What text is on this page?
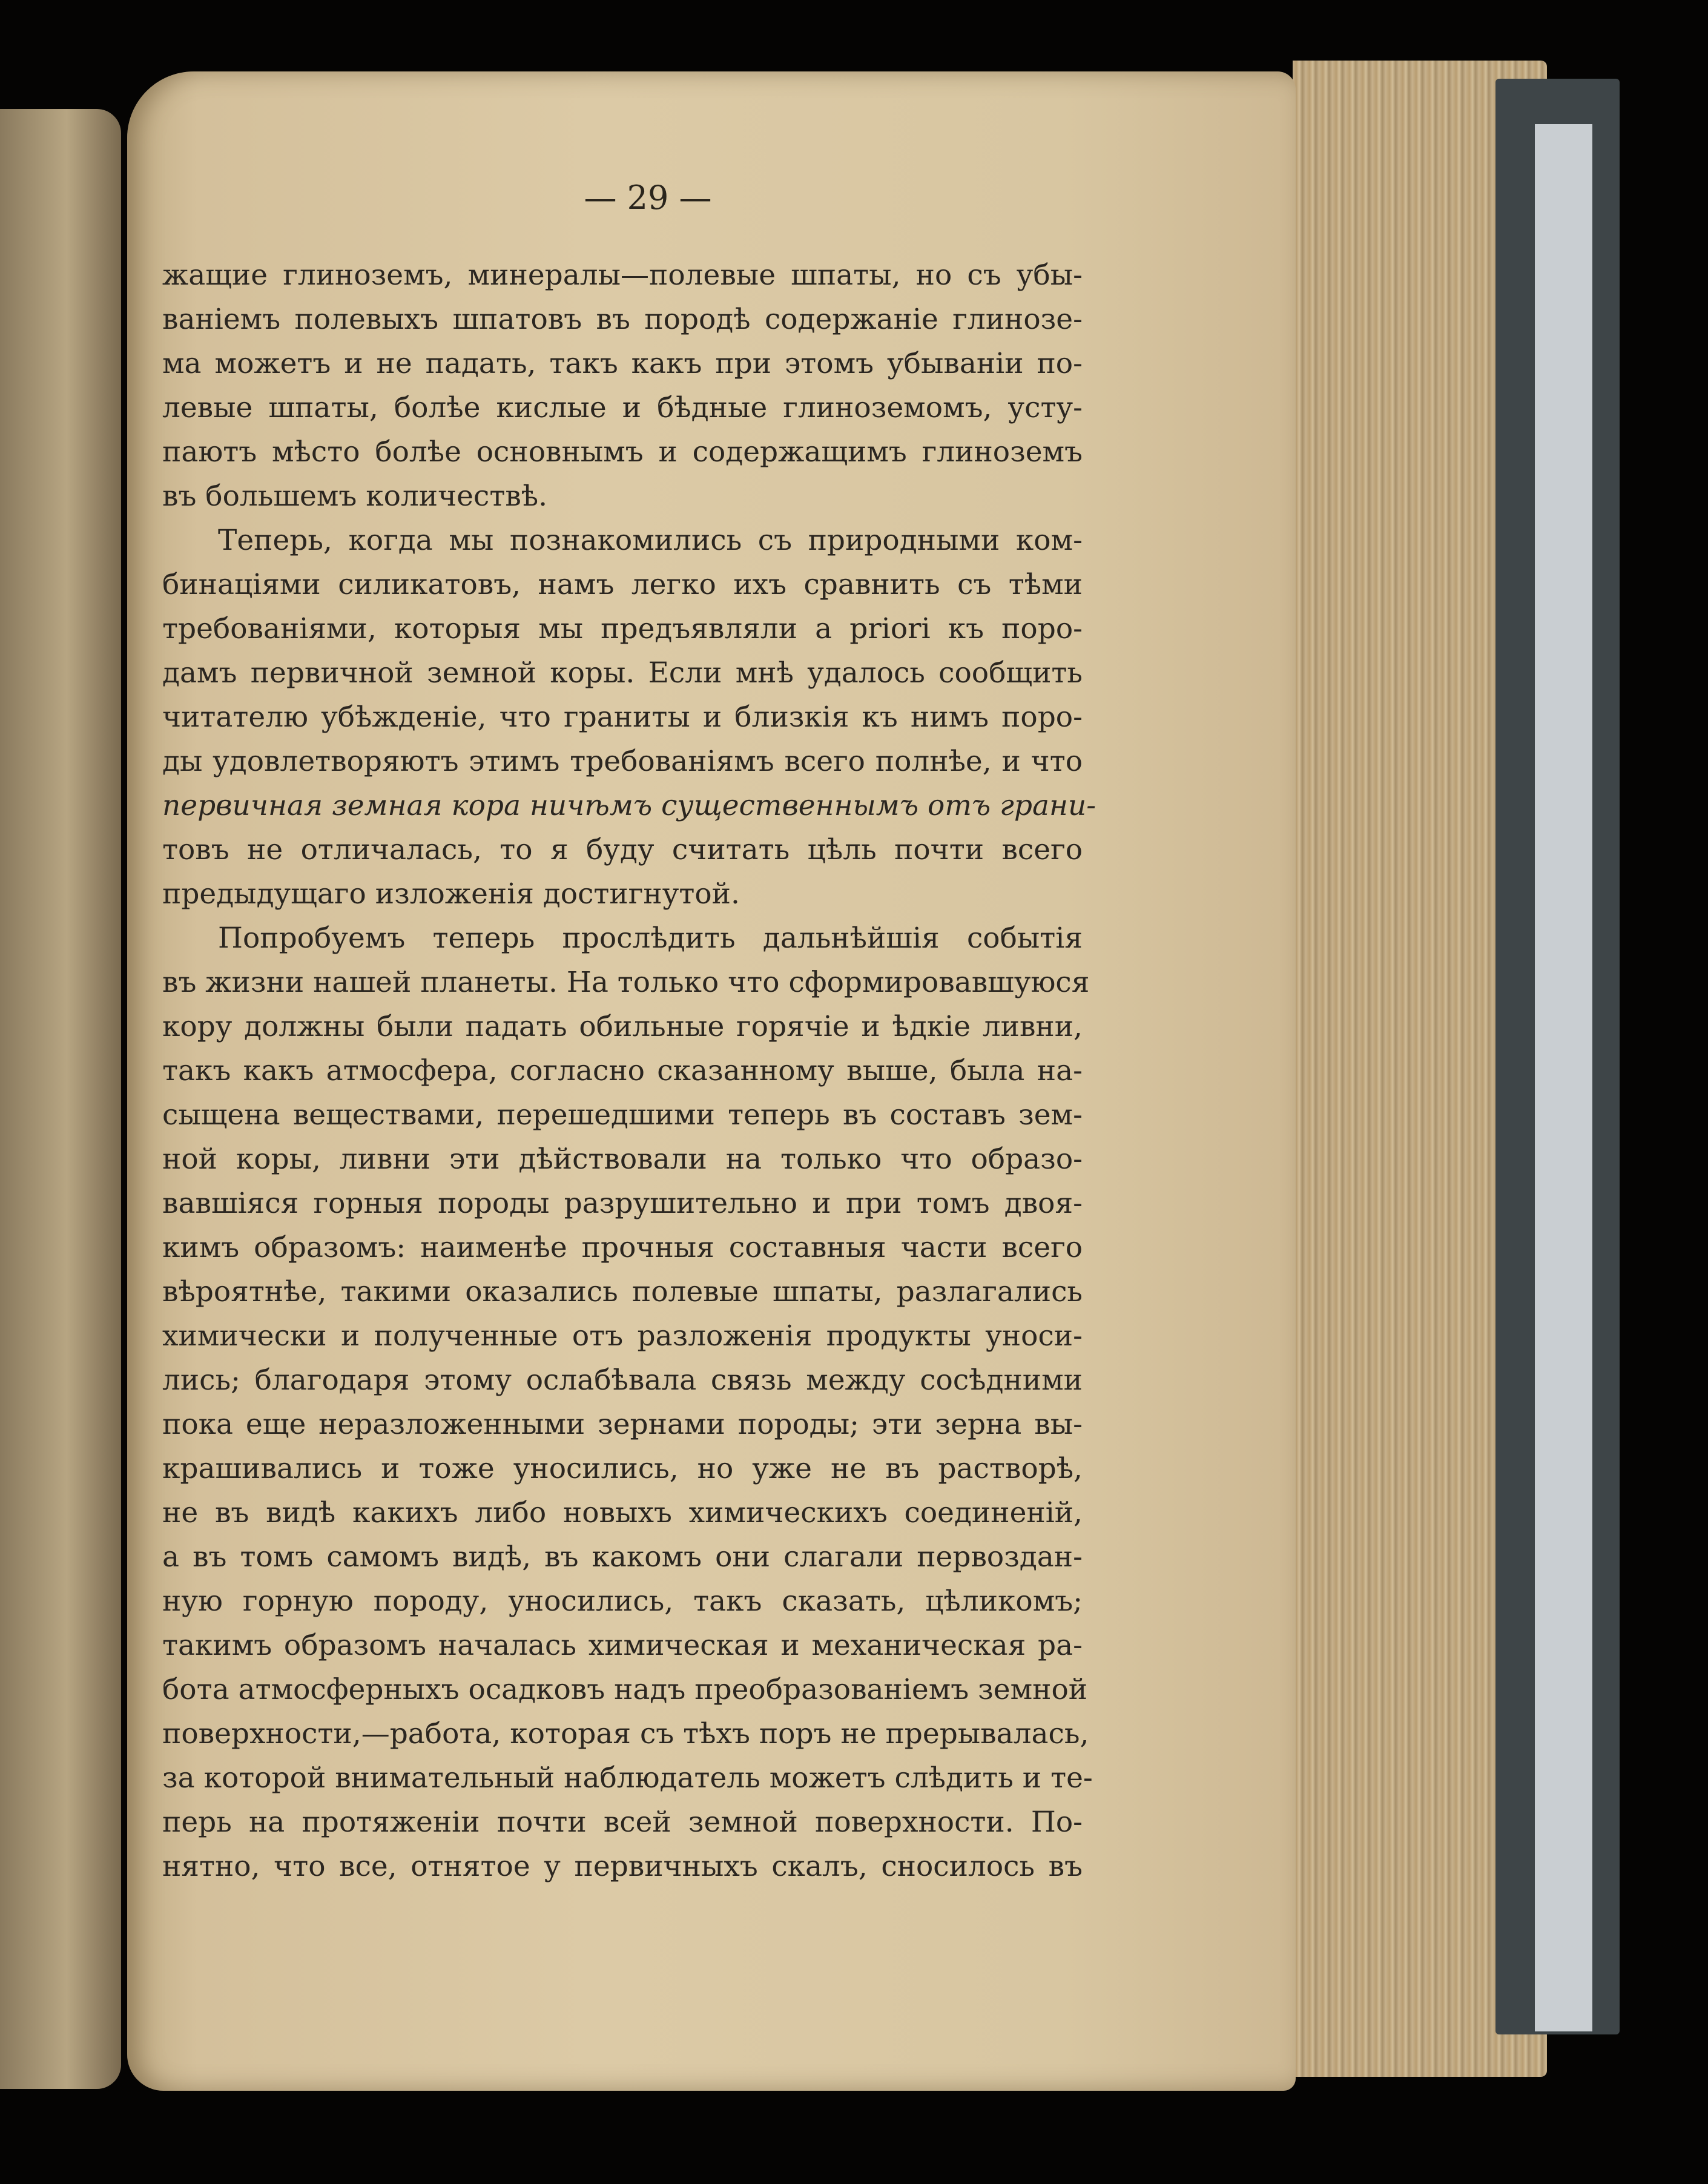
— 29 —
жащие глиноземъ, минералы—полевые шпаты, но съ убы-
ваніемъ полевыхъ шпатовъ въ породѣ содержаніе глинозе-
ма можетъ и не падать, такъ какъ при этомъ убываніи по-
левые шпаты, болѣе кислые и бѣдные глиноземомъ, усту-
паютъ мѣсто болѣе основнымъ и содержащимъ глиноземъ
въ большемъ количествѣ.
Теперь, когда мы познакомились съ природными ком-
бинаціями силикатовъ, намъ легко ихъ сравнить съ тѣми
требованіями, которыя мы предъявляли a priori къ поро-
дамъ первичной земной коры. Если мнѣ удалось сообщить
читателю убѣжденіе, что граниты и близкія къ нимъ поро-
ды удовлетворяютъ этимъ требованіямъ всего полнѣе, и что
первичная земная кора ничѣмъ существеннымъ отъ грани-
товъ не отличалась, то я буду считать цѣль почти всего
предыдущаго изложенія достигнутой.
Попробуемъ теперь прослѣдить дальнѣйшія событія
въ жизни нашей планеты. На только что сформировавшуюся
кору должны были падать обильные горячіе и ѣдкіе ливни,
такъ какъ атмосфера, согласно сказанному выше, была на-
сыщена веществами, перешедшими теперь въ составъ зем-
ной коры, ливни эти дѣйствовали на только что образо-
вавшіяся горныя породы разрушительно и при томъ двоя-
кимъ образомъ: наименѣе прочныя составныя части всего
вѣроятнѣе, такими оказались полевые шпаты, разлагались
химически и полученные отъ разложенія продукты уноси-
лись; благодаря этому ослабѣвала связь между сосѣдними
пока еще неразложенными зернами породы; эти зерна вы-
крашивались и тоже уносились, но уже не въ растворѣ,
не въ видѣ какихъ либо новыхъ химическихъ соединеній,
а въ томъ самомъ видѣ, въ какомъ они слагали первоздан-
ную горную породу, уносились, такъ сказать, цѣликомъ;
такимъ образомъ началась химическая и механическая ра-
бота атмосферныхъ осадковъ надъ преобразованіемъ земной
поверхности,—работа, которая съ тѣхъ поръ не прерывалась,
за которой внимательный наблюдатель можетъ слѣдить и те-
перь на протяженіи почти всей земной поверхности. По-
нятно, что все, отнятое у первичныхъ скалъ, сносилось въ
